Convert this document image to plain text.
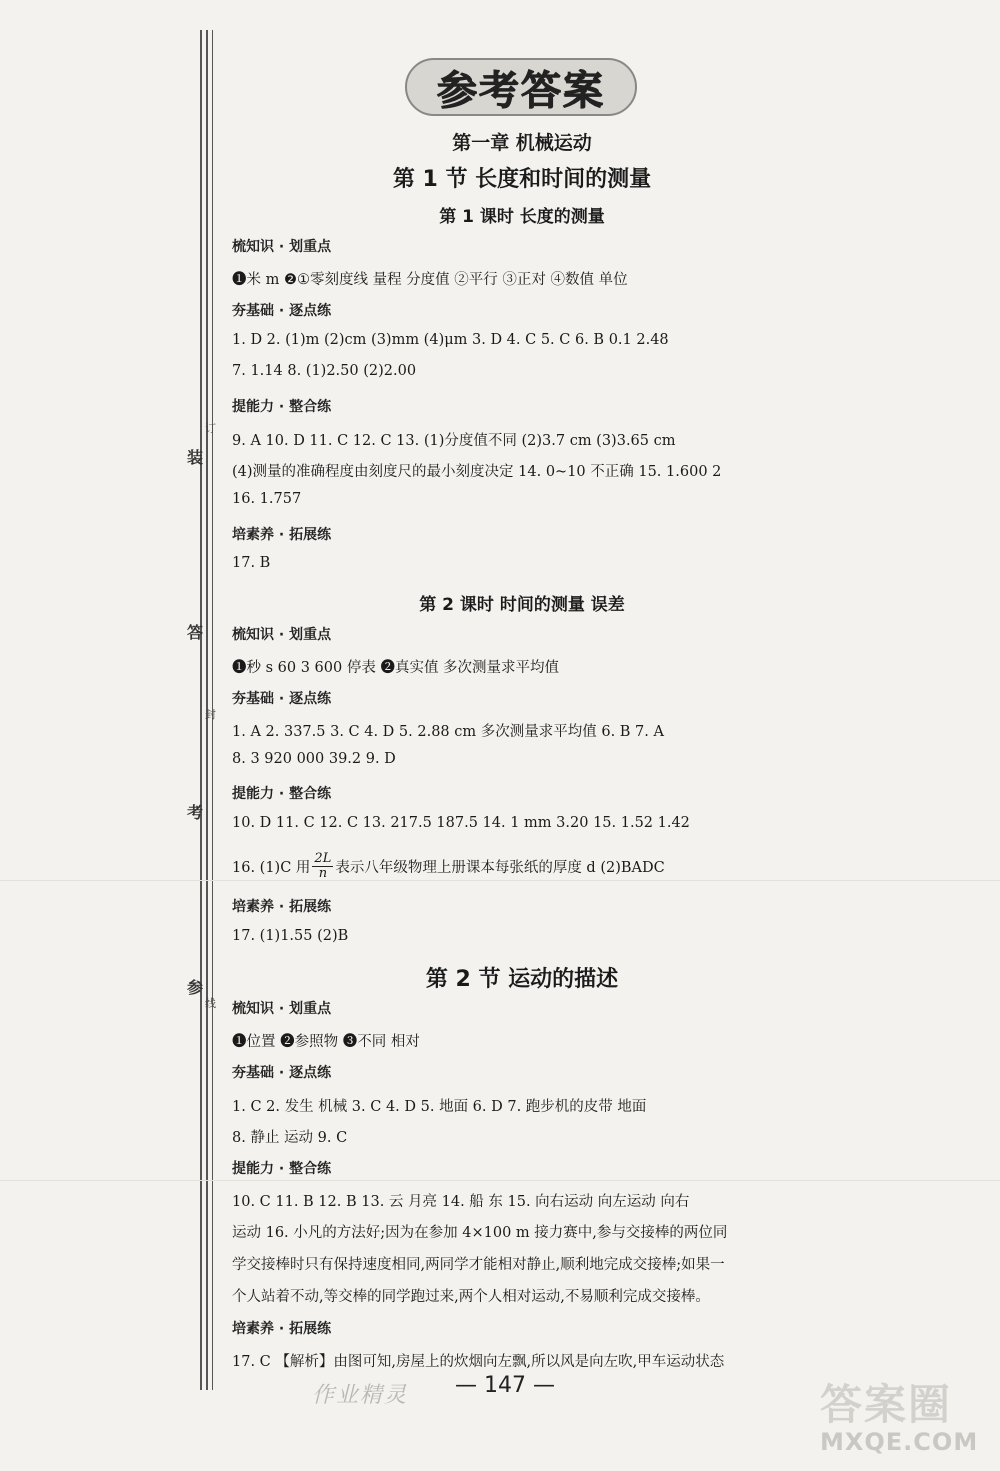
装
答
考
参
订
封
线
参考答案
第一章 机械运动
第 1 节 长度和时间的测量
第 1 课时 长度的测量
梳知识 · 划重点
❶米 m ❷①零刻度线 量程 分度值 ②平行 ③正对 ④数值 单位
夯基础 · 逐点练
1. D 2. (1)m (2)cm (3)mm (4)μm 3. D 4. C 5. C 6. B 0.1 2.48
7. 1.14 8. (1)2.50 (2)2.00
提能力 · 整合练
9. A 10. D 11. C 12. C 13. (1)分度值不同 (2)3.7 cm (3)3.65 cm
(4)测量的准确程度由刻度尺的最小刻度决定 14. 0~10 不正确 15. 1.600 2
16. 1.757
培素养 · 拓展练
17. B
第 2 课时 时间的测量 误差
梳知识 · 划重点
❶秒 s 60 3 600 停表 ❷真实值 多次测量求平均值
夯基础 · 逐点练
1. A 2. 337.5 3. C 4. D 5. 2.88 cm 多次测量求平均值 6. B 7. A
8. 3 920 000 39.2 9. D
提能力 · 整合练
10. D 11. C 12. C 13. 217.5 187.5 14. 1 mm 3.20 15. 1.52 1.42
16. (1)C 用
2L
n 表示八年级物理上册课本每张纸的厚度 d (2)BADC
培素养 · 拓展练
17. (1)1.55 (2)B
第 2 节 运动的描述
梳知识 · 划重点
❶位置 ❷参照物 ❸不同 相对
夯基础 · 逐点练
1. C 2. 发生 机械 3. C 4. D 5. 地面 6. D 7. 跑步机的皮带 地面
8. 静止 运动 9. C
提能力 · 整合练
10. C 11. B 12. B 13. 云 月亮 14. 船 东 15. 向右运动 向左运动 向右
运动 16. 小凡的方法好;因为在参加 4×100 m 接力赛中,参与交接棒的两位同
学交接棒时只有保持速度相同,两同学才能相对静止,顺利地完成交接棒;如果一
个人站着不动,等交棒的同学跑过来,两个人相对运动,不易顺利完成交接棒。
培素养 · 拓展练
17. C 【解析】由图可知,房屋上的炊烟向左飘,所以风是向左吹,甲车运动状态
作业精灵 — 147 —	答案圈
MXQE.COM
